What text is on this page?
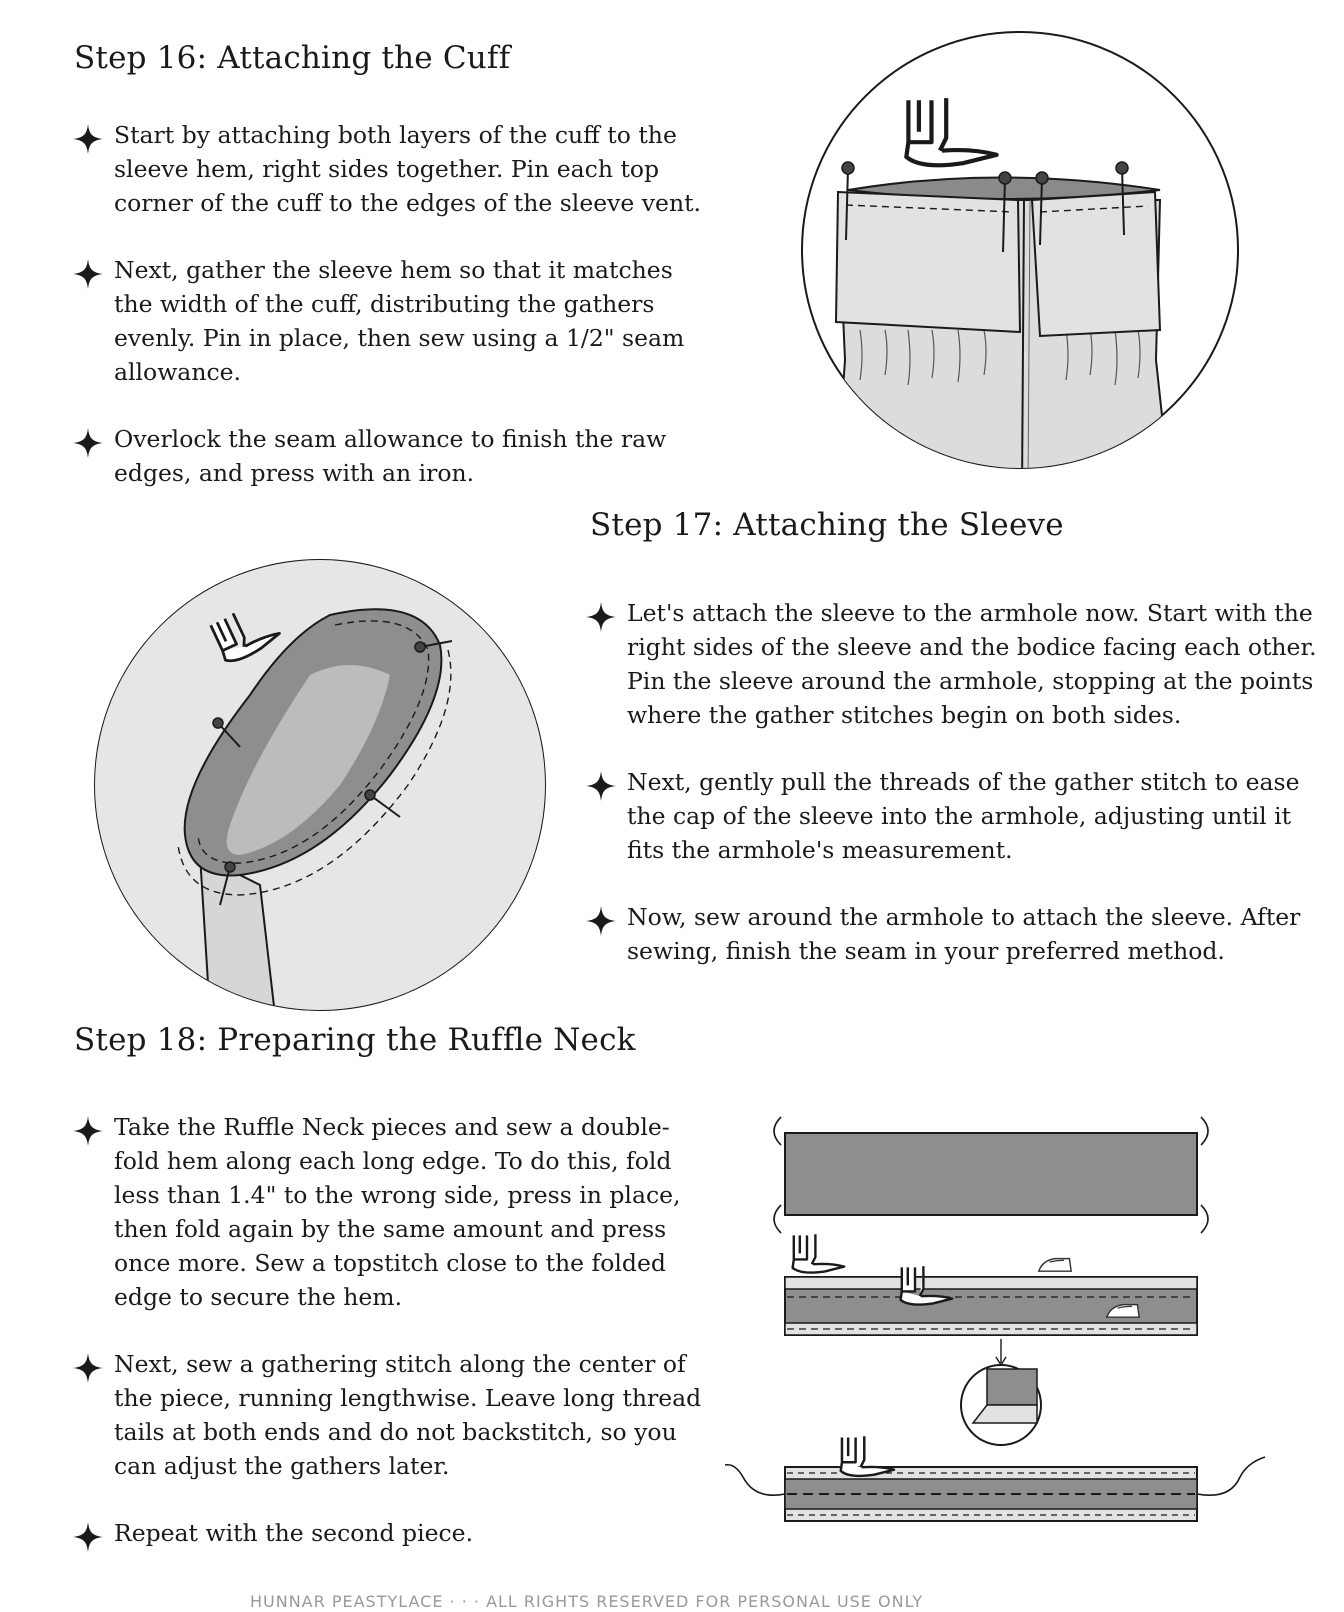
Step 16: Attaching the Cuff
Start by attaching both layers of the cuff to the sleeve hem, right sides together. Pin each top corner of the cuff to the edges of the sleeve vent.
Next, gather the sleeve hem so that it matches the width of the cuff, distributing the gathers evenly. Pin in place, then sew using a 1/2" seam allowance.
Overlock the seam allowance to finish the raw edges, and press with an iron.
Step 17: Attaching the Sleeve
Let's attach the sleeve to the armhole now. Start with the right sides of the sleeve and the bodice facing each other. Pin the sleeve around the armhole, stopping at the points where the gather stitches begin on both sides.
Next, gently pull the threads of the gather stitch to ease the cap of the sleeve into the armhole, adjusting until it fits the armhole's measurement.
Now, sew around the armhole to attach the sleeve. After sewing, finish the seam in your preferred method.
Step 18: Preparing the Ruffle Neck
Take the Ruffle Neck pieces and sew a double-fold hem along each long edge. To do this, fold less than 1.4" to the wrong side, press in place, then fold again by the same amount and press once more. Sew a topstitch close to the folded edge to secure the hem.
Next, sew a gathering stitch along the center of the piece, running lengthwise. Leave long thread tails at both ends and do not backstitch, so you can adjust the gathers later.
Repeat with the second piece.
HUNNAR PEASTYLACE · · · ALL RIGHTS RESERVED FOR PERSONAL USE ONLY
